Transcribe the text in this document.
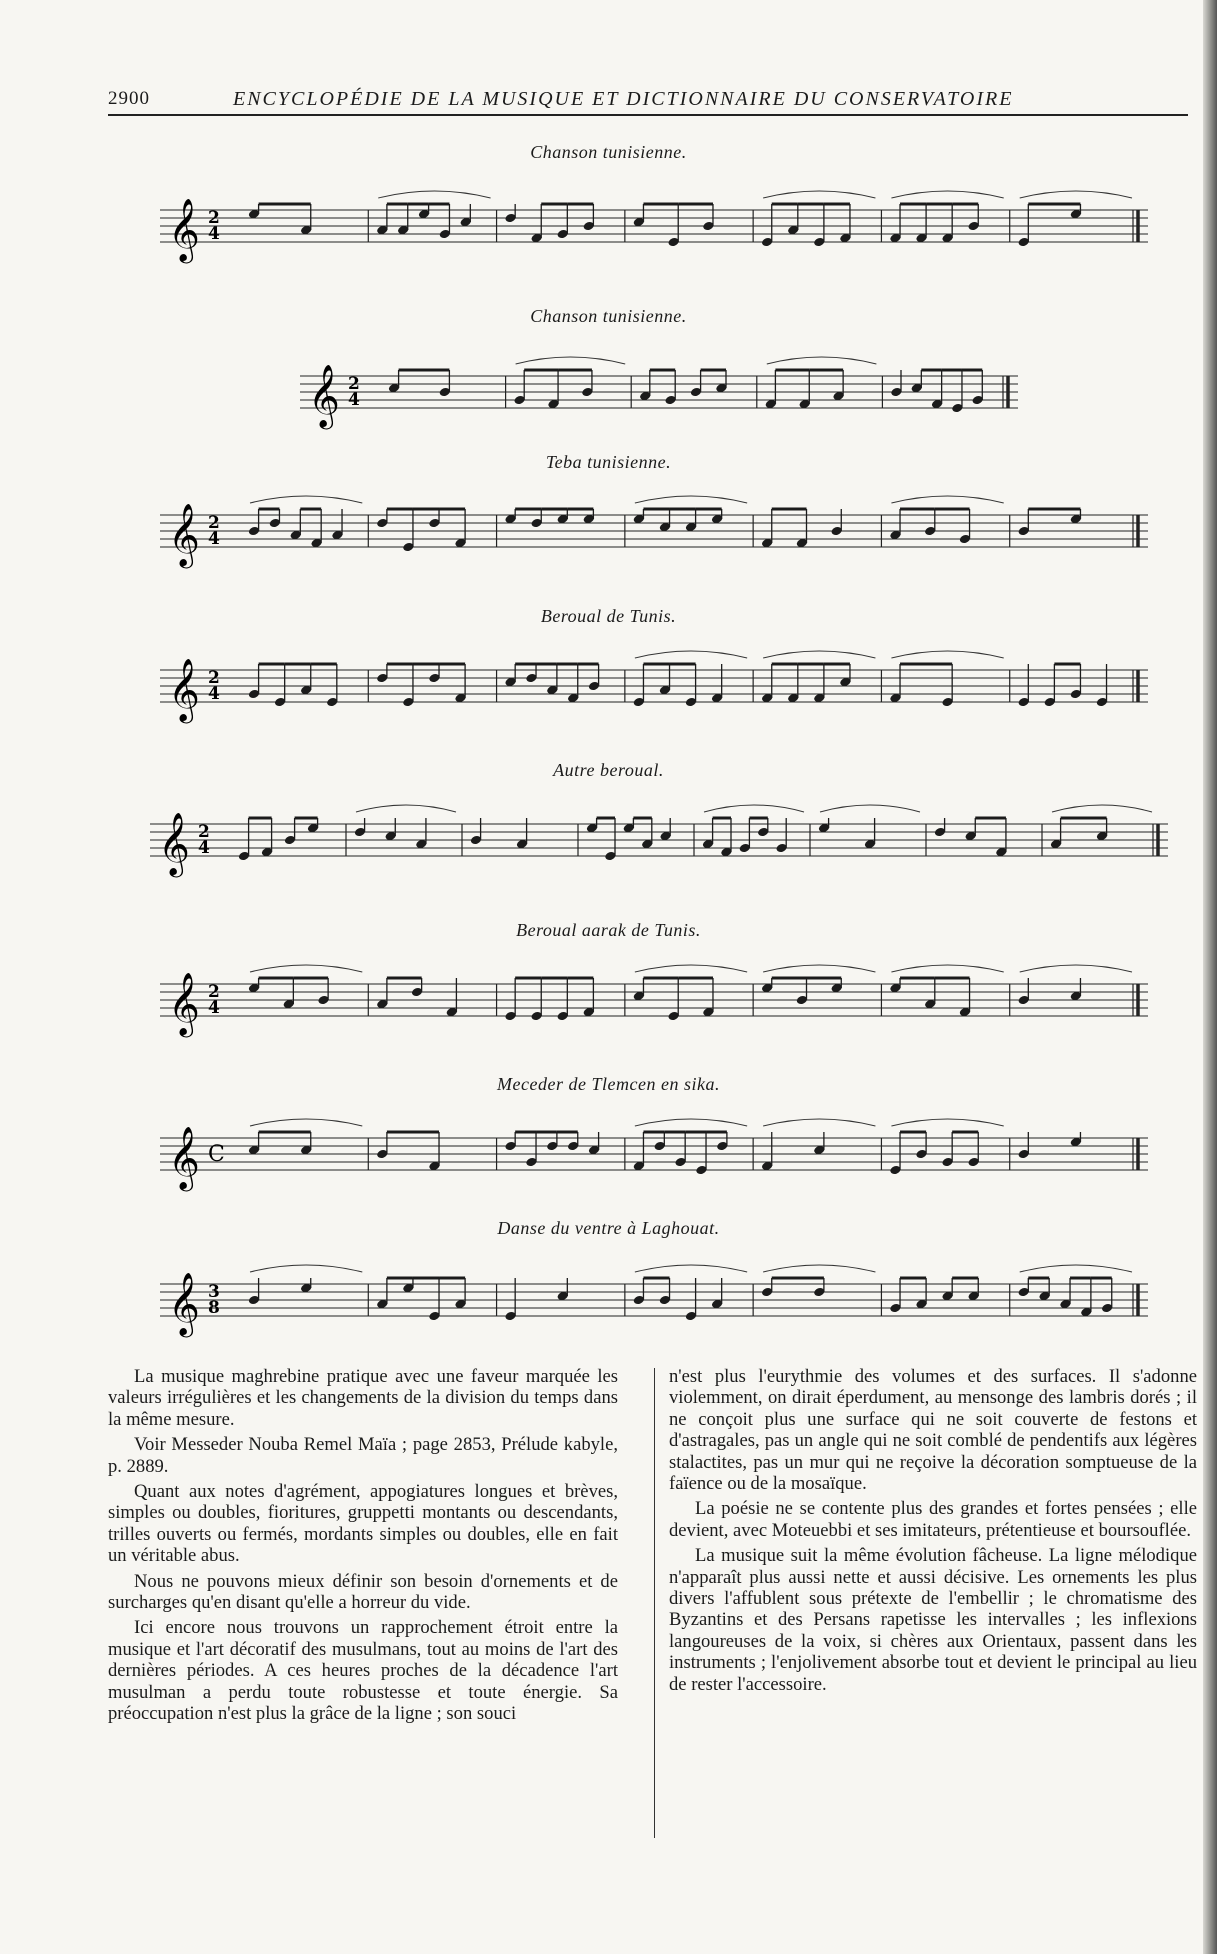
2900	ENCYCLOPÉDIE DE LA MUSIQUE ET DICTIONNAIRE DU CONSERVATOIRE
Chanson tunisienne.
𝄞 2
4
Chanson tunisienne.
𝄞 2
4
Teba tunisienne.
𝄞 2
4
Beroual de Tunis.
𝄞 2
4
Autre beroual.
𝄞 2
4
Beroual aarak de Tunis.
𝄞 2
4
Meceder de Tlemcen en sika.
𝄞 C
Danse du ventre à Laghouat.
𝄞 3
8

La musique maghrebine pratique avec une faveur marquée les valeurs irrégulières et les changements de la division du temps dans la même mesure.

Voir Messeder Nouba Remel Maïa ; page 2853, Prélude kabyle, p. 2889.

Quant aux notes d'agrément, appogiatures longues et brèves, simples ou doubles, fioritures, gruppetti montants ou descendants, trilles ouverts ou fermés, mordants simples ou doubles, elle en fait un véritable abus.

Nous ne pouvons mieux définir son besoin d'ornements et de surcharges qu'en disant qu'elle a horreur du vide.

Ici encore nous trouvons un rapprochement étroit entre la musique et l'art décoratif des musulmans, tout au moins de l'art des dernières périodes. A ces heures proches de la décadence l'art musulman a perdu toute robustesse et toute énergie. Sa préoccupation n'est plus la grâce de la ligne ; son souci

n'est plus l'eurythmie des volumes et des surfaces. Il s'adonne violemment, on dirait éperdument, au mensonge des lambris dorés ; il ne conçoit plus une surface qui ne soit couverte de festons et d'astragales, pas un angle qui ne soit comblé de pendentifs aux légères stalactites, pas un mur qui ne reçoive la décoration somptueuse de la faïence ou de la mosaïque.

La poésie ne se contente plus des grandes et fortes pensées ; elle devient, avec Moteuebbi et ses imitateurs, prétentieuse et boursouflée.

La musique suit la même évolution fâcheuse. La ligne mélodique n'apparaît plus aussi nette et aussi décisive. Les ornements les plus divers l'affublent sous prétexte de l'embellir ; le chromatisme des Byzantins et des Persans rapetisse les intervalles ; les inflexions langoureuses de la voix, si chères aux Orientaux, passent dans les instruments ; l'enjolivement absorbe tout et devient le principal au lieu de rester l'accessoire.
